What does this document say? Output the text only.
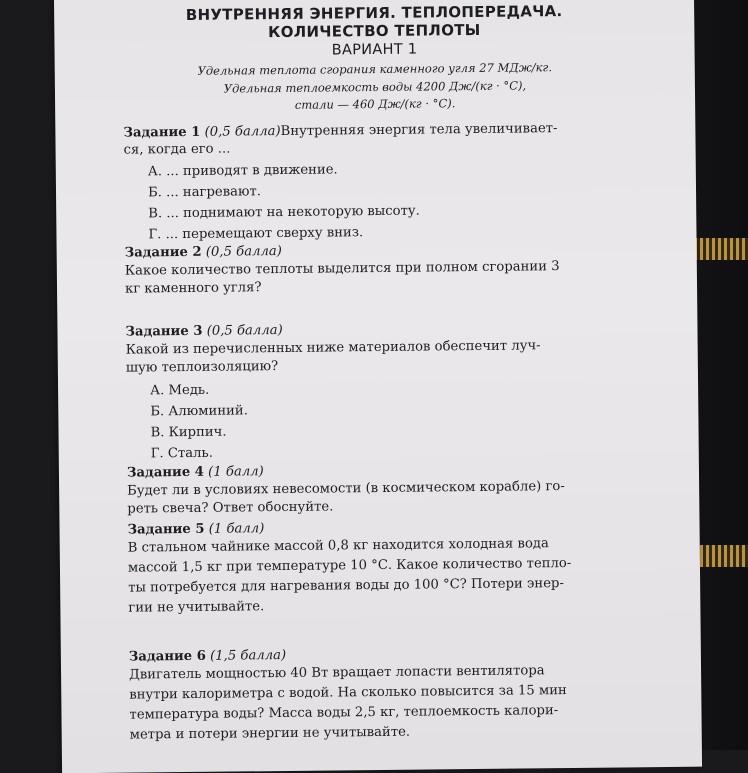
ВНУТРЕННЯЯ ЭНЕРГИЯ. ТЕПЛОПЕРЕДАЧА.
КОЛИЧЕСТВО ТЕПЛОТЫ
ВАРИАНТ 1
Удельная теплота сгорания каменного угля 27 МДж/кг.
Удельная теплоемкость воды 4200 Дж/(кг · °С),
стали — 460 Дж/(кг · °С).
Задание 1 (0,5 балла)Внутренняя энергия тела увеличивает-
ся, когда его ...
А. ... приводят в движение.
Б. ... нагревают.
В. ... поднимают на некоторую высоту.
Г. ... перемещают сверху вниз.
Задание 2 (0,5 балла)
Какое количество теплоты выделится при полном сгорании 3
кг каменного угля?
Задание 3 (0,5 балла)
Какой из перечисленных ниже материалов обеспечит луч-
шую теплоизоляцию?
А. Медь.
Б. Алюминий.
В. Кирпич.
Г. Сталь.
Задание 4 (1 балл)
Будет ли в условиях невесомости (в космическом корабле) го-
реть свеча? Ответ обоснуйте.
Задание 5 (1 балл)
В стальном чайнике массой 0,8 кг находится холодная вода
массой 1,5 кг при температуре 10 °С. Какое количество тепло-
ты потребуется для нагревания воды до 100 °С? Потери энер-
гии не учитывайте.
Задание 6 (1,5 балла)
Двигатель мощностью 40 Вт вращает лопасти вентилятора
внутри калориметра с водой. На сколько повысится за 15 мин
температура воды? Масса воды 2,5 кг, теплоемкость калори-
метра и потери энергии не учитывайте.
